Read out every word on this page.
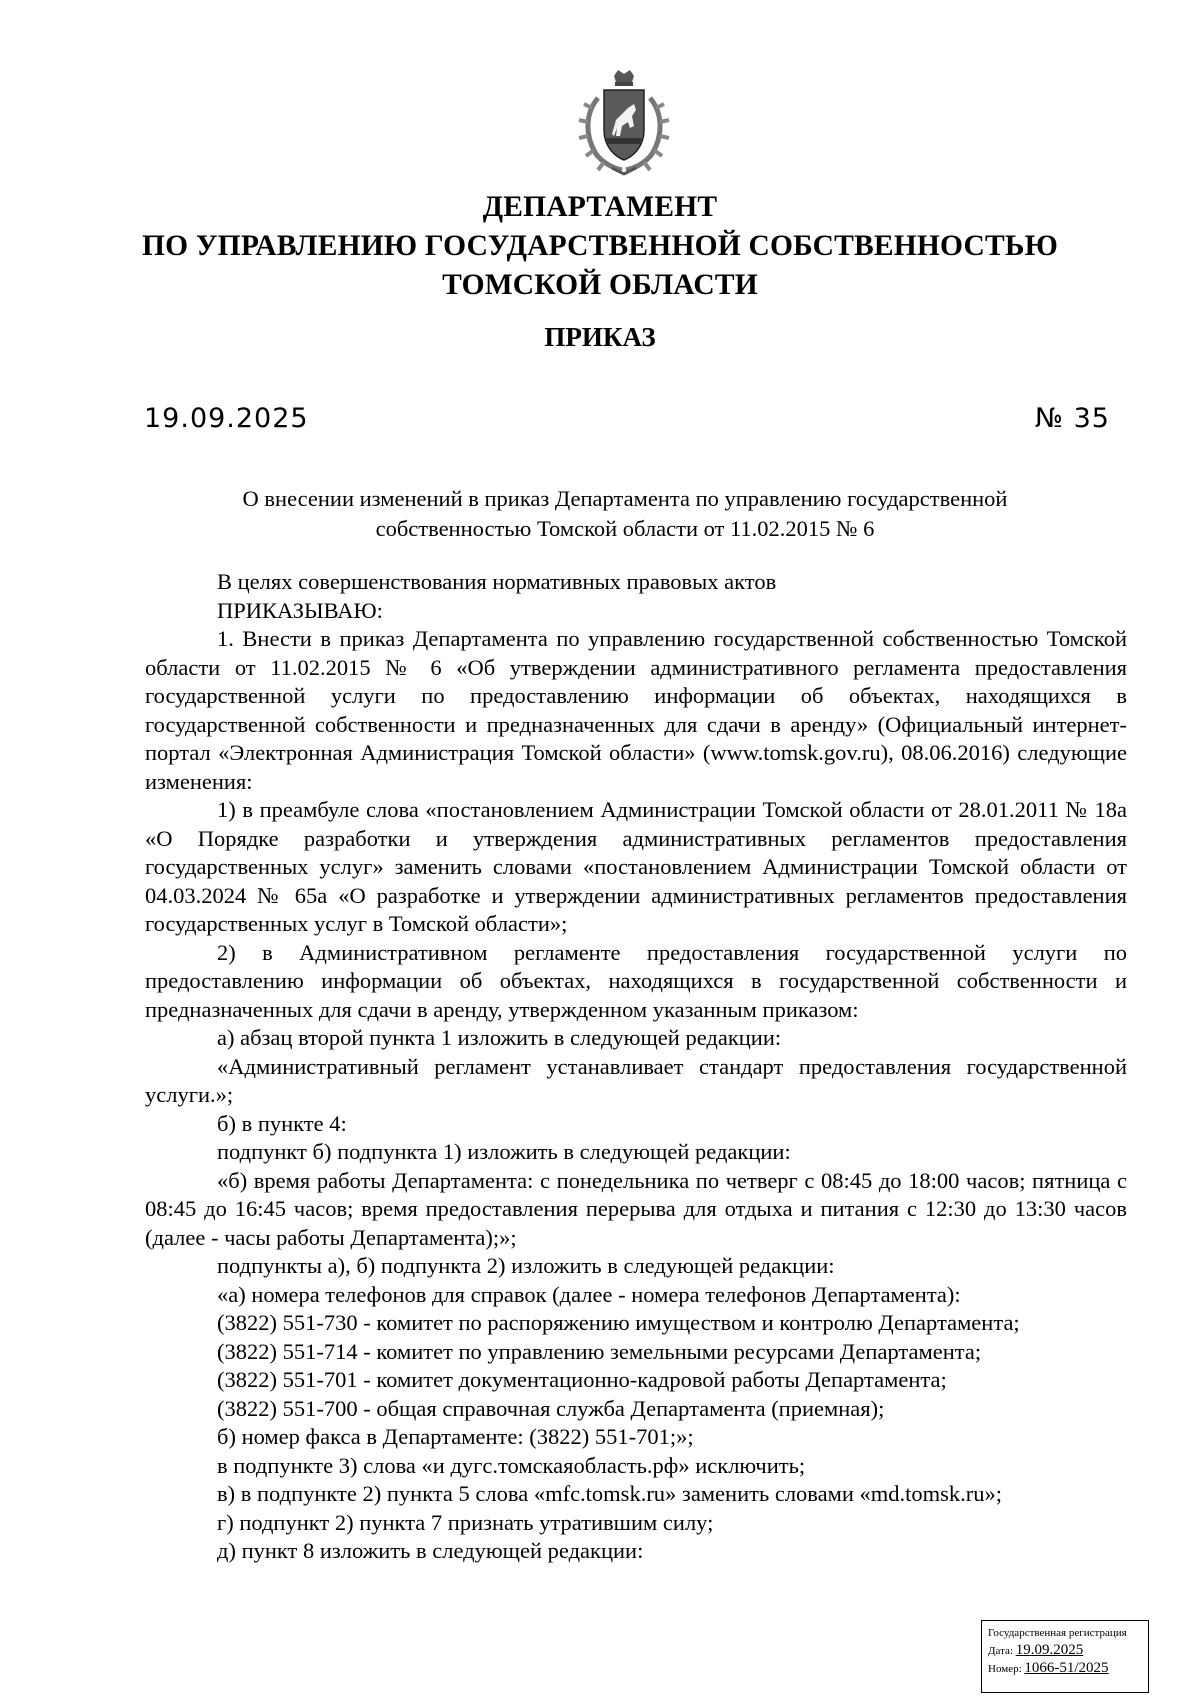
ДЕПАРТАМЕНТ
ПО УПРАВЛЕНИЮ ГОСУДАРСТВЕННОЙ СОБСТВЕННОСТЬЮ
ТОМСКОЙ ОБЛАСТИ
ПРИКАЗ
19.09.2025	№ 35
О внесении изменений в приказ Департамента по управлению государственной
собственностью Томской области от 11.02.2015 № 6

В целях совершенствования нормативных правовых актов

ПРИКАЗЫВАЮ:

1. Внести в приказ Департамента по управлению государственной собственностью Томской области от 11.02.2015 № 6 «Об утверждении административного регламента предоставления государственной услуги по предоставлению информации об объектах, находящихся в государственной собственности и предназначенных для сдачи в аренду» (Официальный интернет-портал «Электронная Администрация Томской области» (www.tomsk.gov.ru), 08.06.2016) следующие изменения:

1) в преамбуле слова «постановлением Администрации Томской области от 28.01.2011 № 18а «О Порядке разработки и утверждения административных регламентов предоставления государственных услуг» заменить словами «постановлением Администрации Томской области от 04.03.2024 № 65а «О разработке и утверждении административных регламентов предоставления государственных услуг в Томской области»;

2) в Административном регламенте предоставления государственной услуги по предоставлению информации об объектах, находящихся в государственной собственности и предназначенных для сдачи в аренду, утвержденном указанным приказом:

а) абзац второй пункта 1 изложить в следующей редакции:

«Административный регламент устанавливает стандарт предоставления государственной услуги.»;

б) в пункте 4:

подпункт б) подпункта 1) изложить в следующей редакции:

«б) время работы Департамента: с понедельника по четверг с 08:45 до 18:00 часов; пятница с 08:45 до 16:45 часов; время предоставления перерыва для отдыха и питания с 12:30 до 13:30 часов (далее - часы работы Департамента);»;

подпункты а), б) подпункта 2) изложить в следующей редакции:

«а) номера телефонов для справок (далее - номера телефонов Департамента):

(3822) 551-730 - комитет по распоряжению имуществом и контролю Департамента;

(3822) 551-714 - комитет по управлению земельными ресурсами Департамента;

(3822) 551-701 - комитет документационно-кадровой работы Департамента;

(3822) 551-700 - общая справочная служба Департамента (приемная);

б) номер факса в Департаменте: (3822) 551-701;»;

в подпункте 3) слова «и дугс.томскаяобласть.рф» исключить;

в) в подпункте 2) пункта 5 слова «mfc.tomsk.ru» заменить словами «md.tomsk.ru»;

г) подпункт 2) пункта 7 признать утратившим силу;

д) пункт 8 изложить в следующей редакции:

Государственная регистрация
Дата: 19.09.2025
Номер: 1066-51/2025
